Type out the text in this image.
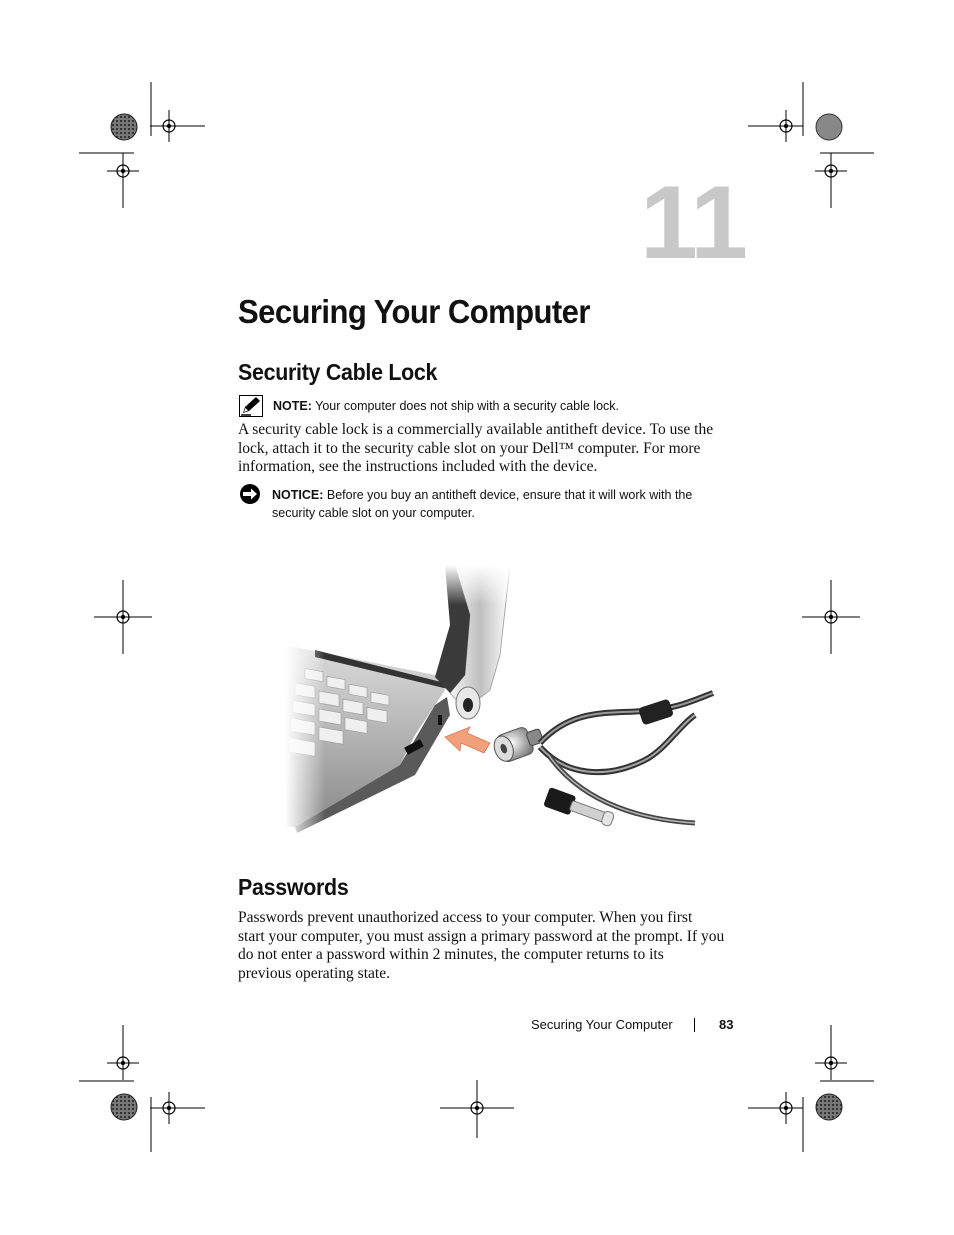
11
Securing Your Computer
Security Cable Lock
NOTE: Your computer does not ship with a security cable lock.
A security cable lock is a commercially available antitheft device. To use the
lock, attach it to the security cable slot on your Dell™ computer. For more
information, see the instructions included with the device.
NOTICE: Before you buy an antitheft device, ensure that it will work with the
security cable slot on your computer.
Passwords
Passwords prevent unauthorized access to your computer. When you first
start your computer, you must assign a primary password at the prompt. If you
do not enter a password within 2 minutes, the computer returns to its
previous operating state.
Securing Your Computer	83
